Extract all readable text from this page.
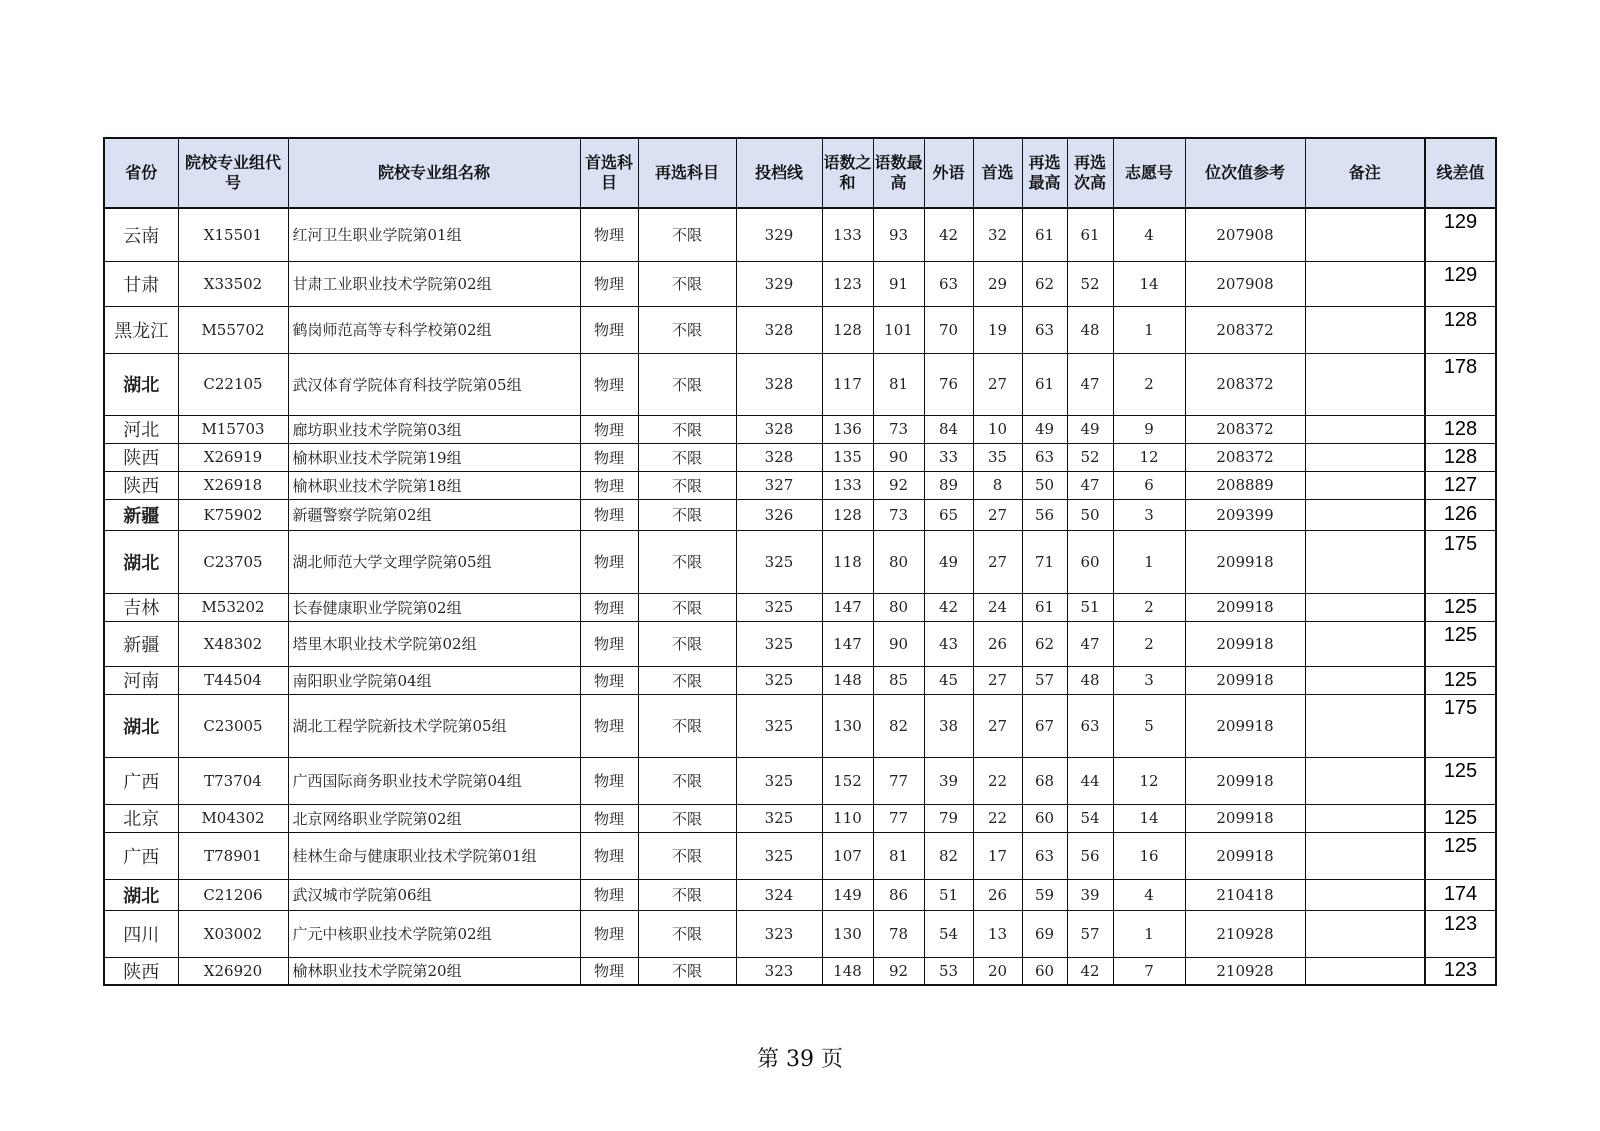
省份	院校专业组代号	院校专业组名称	首选科目	再选科目	投档线	语数之和	语数最高	外语	首选	再选最高	再选次高	志愿号	位次值参考	备注	线差值
云南	X15501	红河卫生职业学院第01组	物理	不限	329	133	93	42	32	61	61	4	207908		129
甘肃	X33502	甘肃工业职业技术学院第02组	物理	不限	329	123	91	63	29	62	52	14	207908		129
黑龙江	M55702	鹤岗师范高等专科学校第02组	物理	不限	328	128	101	70	19	63	48	1	208372		128
湖北	C22105	武汉体育学院体育科技学院第05组	物理	不限	328	117	81	76	27	61	47	2	208372		178
河北	M15703	廊坊职业技术学院第03组	物理	不限	328	136	73	84	10	49	49	9	208372		128
陕西	X26919	榆林职业技术学院第19组	物理	不限	328	135	90	33	35	63	52	12	208372		128
陕西	X26918	榆林职业技术学院第18组	物理	不限	327	133	92	89	8	50	47	6	208889		127
新疆	K75902	新疆警察学院第02组	物理	不限	326	128	73	65	27	56	50	3	209399		126
湖北	C23705	湖北师范大学文理学院第05组	物理	不限	325	118	80	49	27	71	60	1	209918		175
吉林	M53202	长春健康职业学院第02组	物理	不限	325	147	80	42	24	61	51	2	209918		125
新疆	X48302	塔里木职业技术学院第02组	物理	不限	325	147	90	43	26	62	47	2	209918		125
河南	T44504	南阳职业学院第04组	物理	不限	325	148	85	45	27	57	48	3	209918		125
湖北	C23005	湖北工程学院新技术学院第05组	物理	不限	325	130	82	38	27	67	63	5	209918		175
广西	T73704	广西国际商务职业技术学院第04组	物理	不限	325	152	77	39	22	68	44	12	209918		125
北京	M04302	北京网络职业学院第02组	物理	不限	325	110	77	79	22	60	54	14	209918		125
广西	T78901	桂林生命与健康职业技术学院第01组	物理	不限	325	107	81	82	17	63	56	16	209918		125
湖北	C21206	武汉城市学院第06组	物理	不限	324	149	86	51	26	59	39	4	210418		174
四川	X03002	广元中核职业技术学院第02组	物理	不限	323	130	78	54	13	69	57	1	210928		123
陕西	X26920	榆林职业技术学院第20组	物理	不限	323	148	92	53	20	60	42	7	210928		123
第 39 页
